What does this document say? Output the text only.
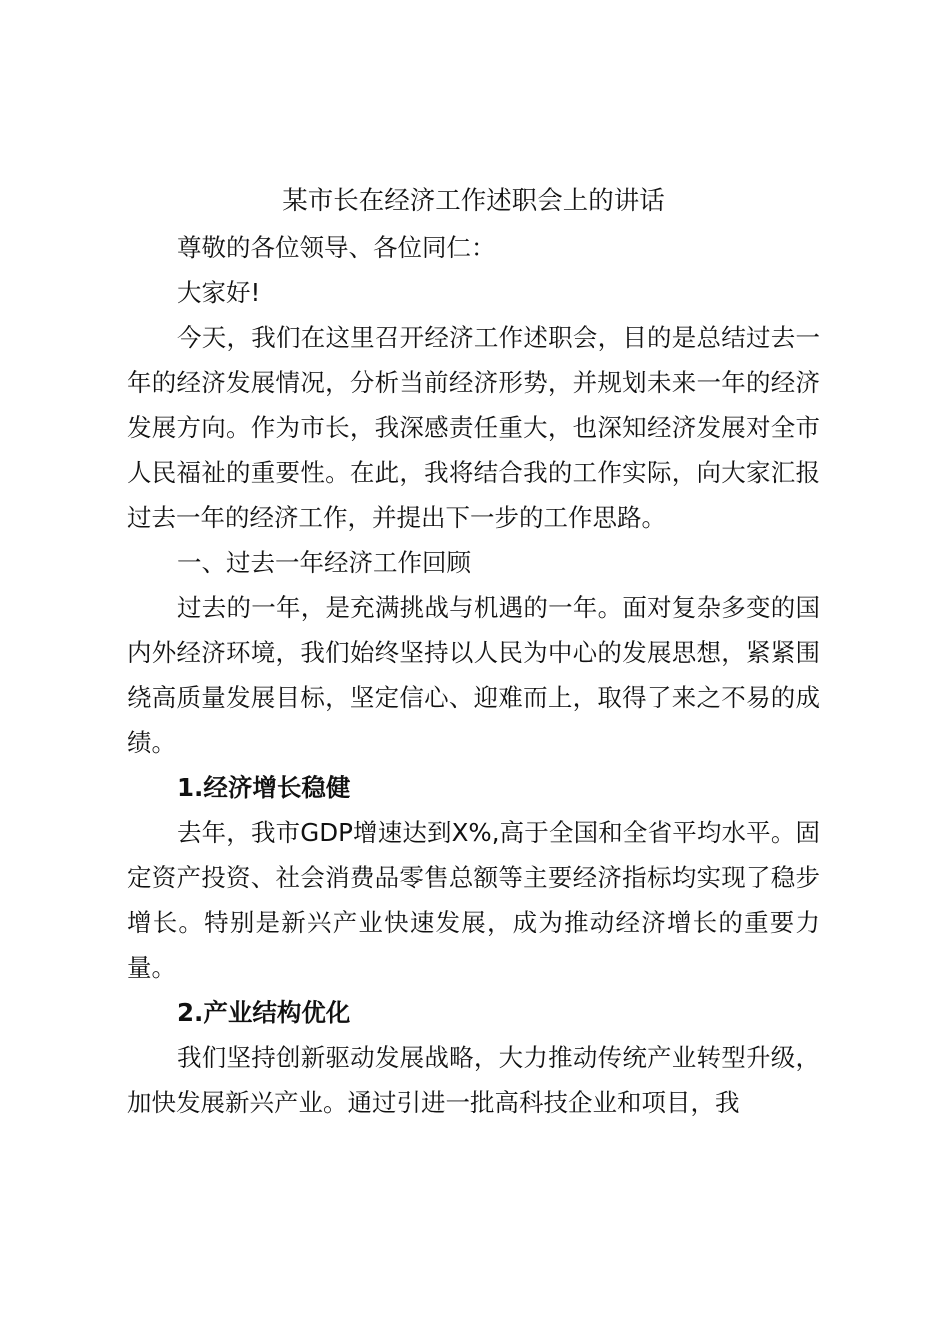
某市长在经济工作述职会上的讲话

尊敬的各位领导、各位同仁：

大家好!

今天，我们在这里召开经济工作述职会，目的是总结过去一年的经济发展情况，分析当前经济形势，并规划未来一年的经济发展方向。作为市长，我深感责任重大，也深知经济发展对全市人民福祉的重要性。在此，我将结合我的工作实际，向大家汇报过去一年的经济工作，并提出下一步的工作思路。

一、过去一年经济工作回顾

过去的一年，是充满挑战与机遇的一年。面对复杂多变的国内外经济环境，我们始终坚持以人民为中心的发展思想，紧紧围绕高质量发展目标，坚定信心、迎难而上，取得了来之不易的成绩。

1.经济增长稳健

去年，我市GDP增速达到X%,高于全国和全省平均水平。固定资产投资、社会消费品零售总额等主要经济指标均实现了稳步增长。特别是新兴产业快速发展，成为推动经济增长的重要力量。

2.产业结构优化

我们坚持创新驱动发展战略，大力推动传统产业转型升级，加快发展新兴产业。通过引进一批高科技企业和项目，我
